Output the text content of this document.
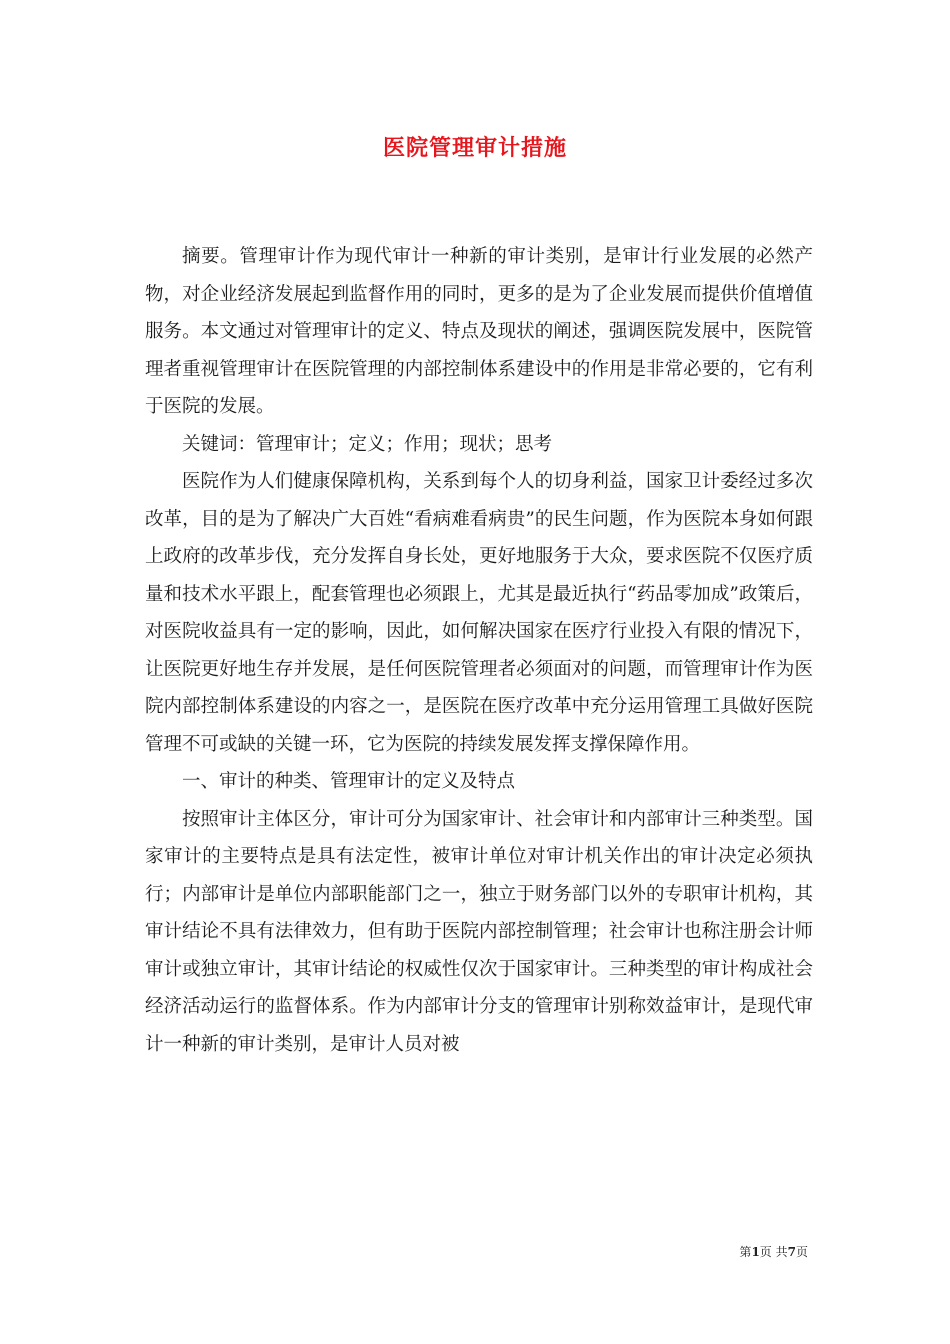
医院管理审计措施

摘要。管理审计作为现代审计一种新的审计类别，是审计行业发展的必然产物，对企业经济发展起到监督作用的同时，更多的是为了企业发展而提供价值增值服务。本文通过对管理审计的定义、特点及现状的阐述，强调医院发展中，医院管理者重视管理审计在医院管理的内部控制体系建设中的作用是非常必要的，它有利于医院的发展。

关键词：管理审计；定义；作用；现状；思考

医院作为人们健康保障机构，关系到每个人的切身利益，国家卫计委经过多次改革，目的是为了解决广大百姓“看病难看病贵”的民生问题，作为医院本身如何跟上政府的改革步伐，充分发挥自身长处，更好地服务于大众，要求医院不仅医疗质量和技术水平跟上，配套管理也必须跟上，尤其是最近执行“药品零加成”政策后，对医院收益具有一定的影响，因此，如何解决国家在医疗行业投入有限的情况下，让医院更好地生存并发展，是任何医院管理者必须面对的问题，而管理审计作为医院内部控制体系建设的内容之一，是医院在医疗改革中充分运用管理工具做好医院管理不可或缺的关键一环，它为医院的持续发展发挥支撑保障作用。

一、审计的种类、管理审计的定义及特点

按照审计主体区分，审计可分为国家审计、社会审计和内部审计三种类型。国家审计的主要特点是具有法定性，被审计单位对审计机关作出的审计决定必须执行；内部审计是单位内部职能部门之一，独立于财务部门以外的专职审计机构，其审计结论不具有法律效力，但有助于医院内部控制管理；社会审计也称注册会计师审计或独立审计，其审计结论的权威性仅次于国家审计。三种类型的审计构成社会经济活动运行的监督体系。作为内部审计分支的管理审计别称效益审计，是现代审计一种新的审计类别，是审计人员对被

第1页 共7页
